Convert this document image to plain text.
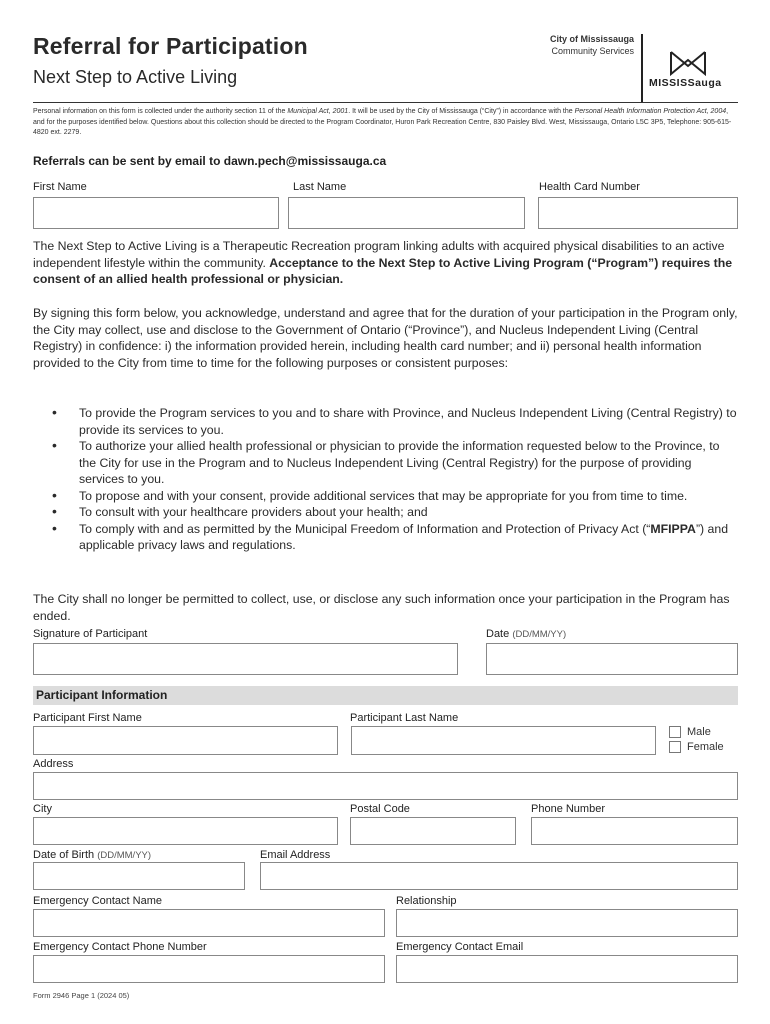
Referral for Participation
Next Step to Active Living
City of Mississauga
Community Services
MISSISSauga
Personal information on this form is collected under the authority section 11 of the Municipal Act, 2001. It will be used by the City of Mississauga (“City”) in accordance with the Personal Health Information Protection Act, 2004, and for the purposes identified below. Questions about this collection should be directed to the Program Coordinator, Huron Park Recreation Centre, 830 Paisley Blvd. West, Mississauga, Ontario L5C 3P5, Telephone: 905-615-4820 ext. 2279.
Referrals can be sent by email to dawn.pech@mississauga.ca
First Name	Last Name	Health Card Number
The Next Step to Active Living is a Therapeutic Recreation program linking adults with acquired physical disabilities to an active independent lifestyle within the community. Acceptance to the Next Step to Active Living Program (“Program”) requires the consent of an allied health professional or physician.
By signing this form below, you acknowledge, understand and agree that for the duration of your participation in the Program only, the City may collect, use and disclose to the Government of Ontario (“Province”), and Nucleus Independent Living (Central Registry) in confidence: i) the information provided herein, including health card number; and ii) personal health information provided to the City from time to time for the following purposes or consistent purposes:
• To provide the Program services to you and to share with Province, and Nucleus Independent Living (Central Registry) to provide its services to you.
• To authorize your allied health professional or physician to provide the information requested below to the Province, to the City for use in the Program and to Nucleus Independent Living (Central Registry) for the purpose of providing services to you.
• To propose and with your consent, provide additional services that may be appropriate for you from time to time.
• To consult with your healthcare providers about your health; and
• To comply with and as permitted by the Municipal Freedom of Information and Protection of Privacy Act (“MFIPPA”) and applicable privacy laws and regulations.
The City shall no longer be permitted to collect, use, or disclose any such information once your participation in the Program has ended.
Signature of Participant	Date (DD/MM/YY)
Participant Information
Participant First Name	Participant Last Name
Male
Female
Address
City	Postal Code	Phone Number
Date of Birth (DD/MM/YY)	Email Address
Emergency Contact Name	Relationship
Emergency Contact Phone Number	Emergency Contact Email
Form 2946 Page 1 (2024 05)
